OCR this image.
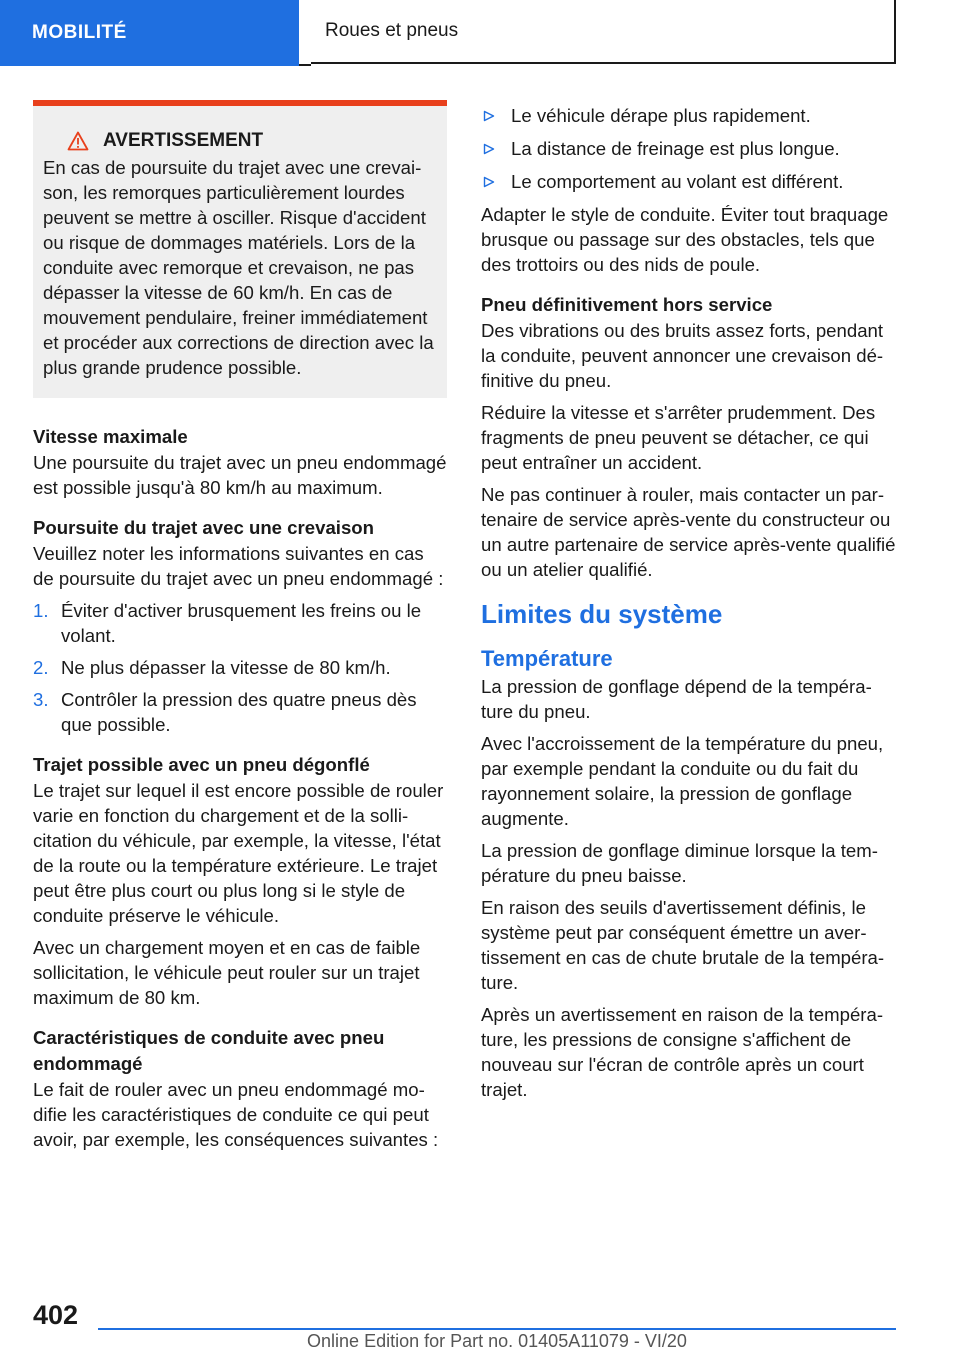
MOBILITÉ	Roues et pneus
AVERTISSEMENT

En cas de poursuite du trajet avec une crevaison, les remorques particulièrement lourdes peuvent se mettre à osciller. Risque d'accident ou risque de dommages matériels. Lors de la conduite avec remorque et crevaison, ne pas dépasser la vitesse de 60 km/h. En cas de mouvement pendulaire, freiner immédiatement et procéder aux corrections de direction avec la plus grande prudence possible.

Vitesse maximale

Une poursuite du trajet avec un pneu endommagé est possible jusqu'à 80 km/h au maximum.

Poursuite du trajet avec une crevaison

Veuillez noter les informations suivantes en cas de poursuite du trajet avec un pneu endommagé :

1. Éviter d'activer brusquement les freins ou le volant.
2. Ne plus dépasser la vitesse de 80 km/h.
3. Contrôler la pression des quatre pneus dès que possible.
Trajet possible avec un pneu dégonflé

Le trajet sur lequel il est encore possible de rouler varie en fonction du chargement et de la sollicitation du véhicule, par exemple, la vitesse, l'état de la route ou la température extérieure. Le trajet peut être plus court ou plus long si le style de conduite préserve le véhicule.

Avec un chargement moyen et en cas de faible sollicitation, le véhicule peut rouler sur un trajet maximum de 80 km.

Caractéristiques de conduite avec pneu endommagé

Le fait de rouler avec un pneu endommagé modifie les caractéristiques de conduite ce qui peut avoir, par exemple, les conséquences suivantes :

Le véhicule dérape plus rapidement.
La distance de freinage est plus longue.
Le comportement au volant est différent.

Adapter le style de conduite. Éviter tout braquage brusque ou passage sur des obstacles, tels que des trottoirs ou des nids de poule.

Pneu définitivement hors service

Des vibrations ou des bruits assez forts, pendant la conduite, peuvent annoncer une crevaison définitive du pneu.

Réduire la vitesse et s'arrêter prudemment. Des fragments de pneu peuvent se détacher, ce qui peut entraîner un accident.

Ne pas continuer à rouler, mais contacter un partenaire de service après-vente du constructeur ou un autre partenaire de service après-vente qualifié ou un atelier qualifié.

Limites du système
Température

La pression de gonflage dépend de la température du pneu.

Avec l'accroissement de la température du pneu, par exemple pendant la conduite ou du fait du rayonnement solaire, la pression de gonflage augmente.

La pression de gonflage diminue lorsque la température du pneu baisse.

En raison des seuils d'avertissement définis, le système peut par conséquent émettre un avertissement en cas de chute brutale de la température.

Après un avertissement en raison de la température, les pressions de consigne s'affichent de nouveau sur l'écran de contrôle après un court trajet.

402
Online Edition for Part no. 01405A11079 - VI/20
